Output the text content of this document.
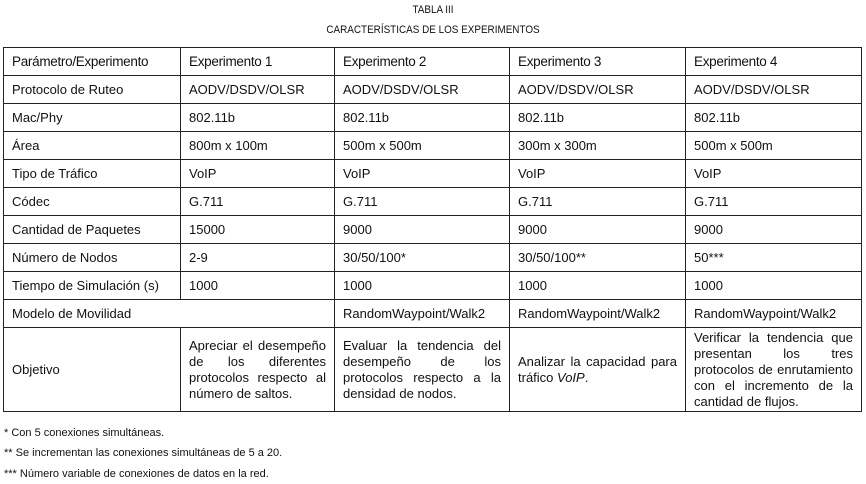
TABLA III
CARACTERÍSTICAS DE LOS EXPERIMENTOS
Parámetro/Experimento	Experimento 1	Experimento 2	Experimento 3	Experimento 4
Protocolo de Ruteo	AODV/DSDV/OLSR	AODV/DSDV/OLSR	AODV/DSDV/OLSR	AODV/DSDV/OLSR
Mac/Phy	802.11b	802.11b	802.11b	802.11b
Área	800m x 100m	500m x 500m	300m x 300m	500m x 500m
Tipo de Tráfico	VoIP	VoIP	VoIP	VoIP
Códec	G.711	G.711	G.711	G.711
Cantidad de Paquetes	15000	9000	9000	9000
Número de Nodos	2-9	30/50/100*	30/50/100**	50***
Tiempo de Simulación (s)	1000	1000	1000	1000
Modelo de Movilidad		RandomWaypoint/Walk2	RandomWaypoint/Walk2	RandomWaypoint/Walk2
Objetivo	Apreciar el desempeño de los diferentes protocolos respecto al número de saltos.	Evaluar la tendencia del desempeño de los protocolos respecto a la densidad de nodos.	Analizar la capacidad para tráfico VoIP.	Verificar la tendencia que presentan los tres protocolos de enrutamiento con el incremento de la cantidad de flujos.
* Con 5 conexiones simultáneas.
** Se incrementan las conexiones simultáneas de 5 a 20.
*** Número variable de conexiones de datos en la red.
